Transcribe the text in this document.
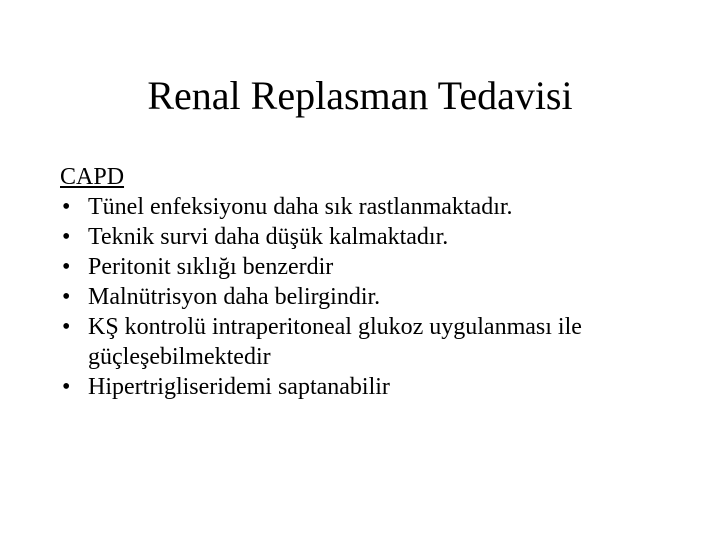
Renal Replasman Tedavisi

CAPD

• Tünel enfeksiyonu daha sık rastlanmaktadır.
• Teknik survi daha düşük kalmaktadır.
• Peritonit sıklığı benzerdir
• Malnütrisyon daha belirgindir.
• KŞ kontrolü intraperitoneal glukoz uygulanması ile güçleşebilmektedir
• Hipertrigliseridemi saptanabilir
